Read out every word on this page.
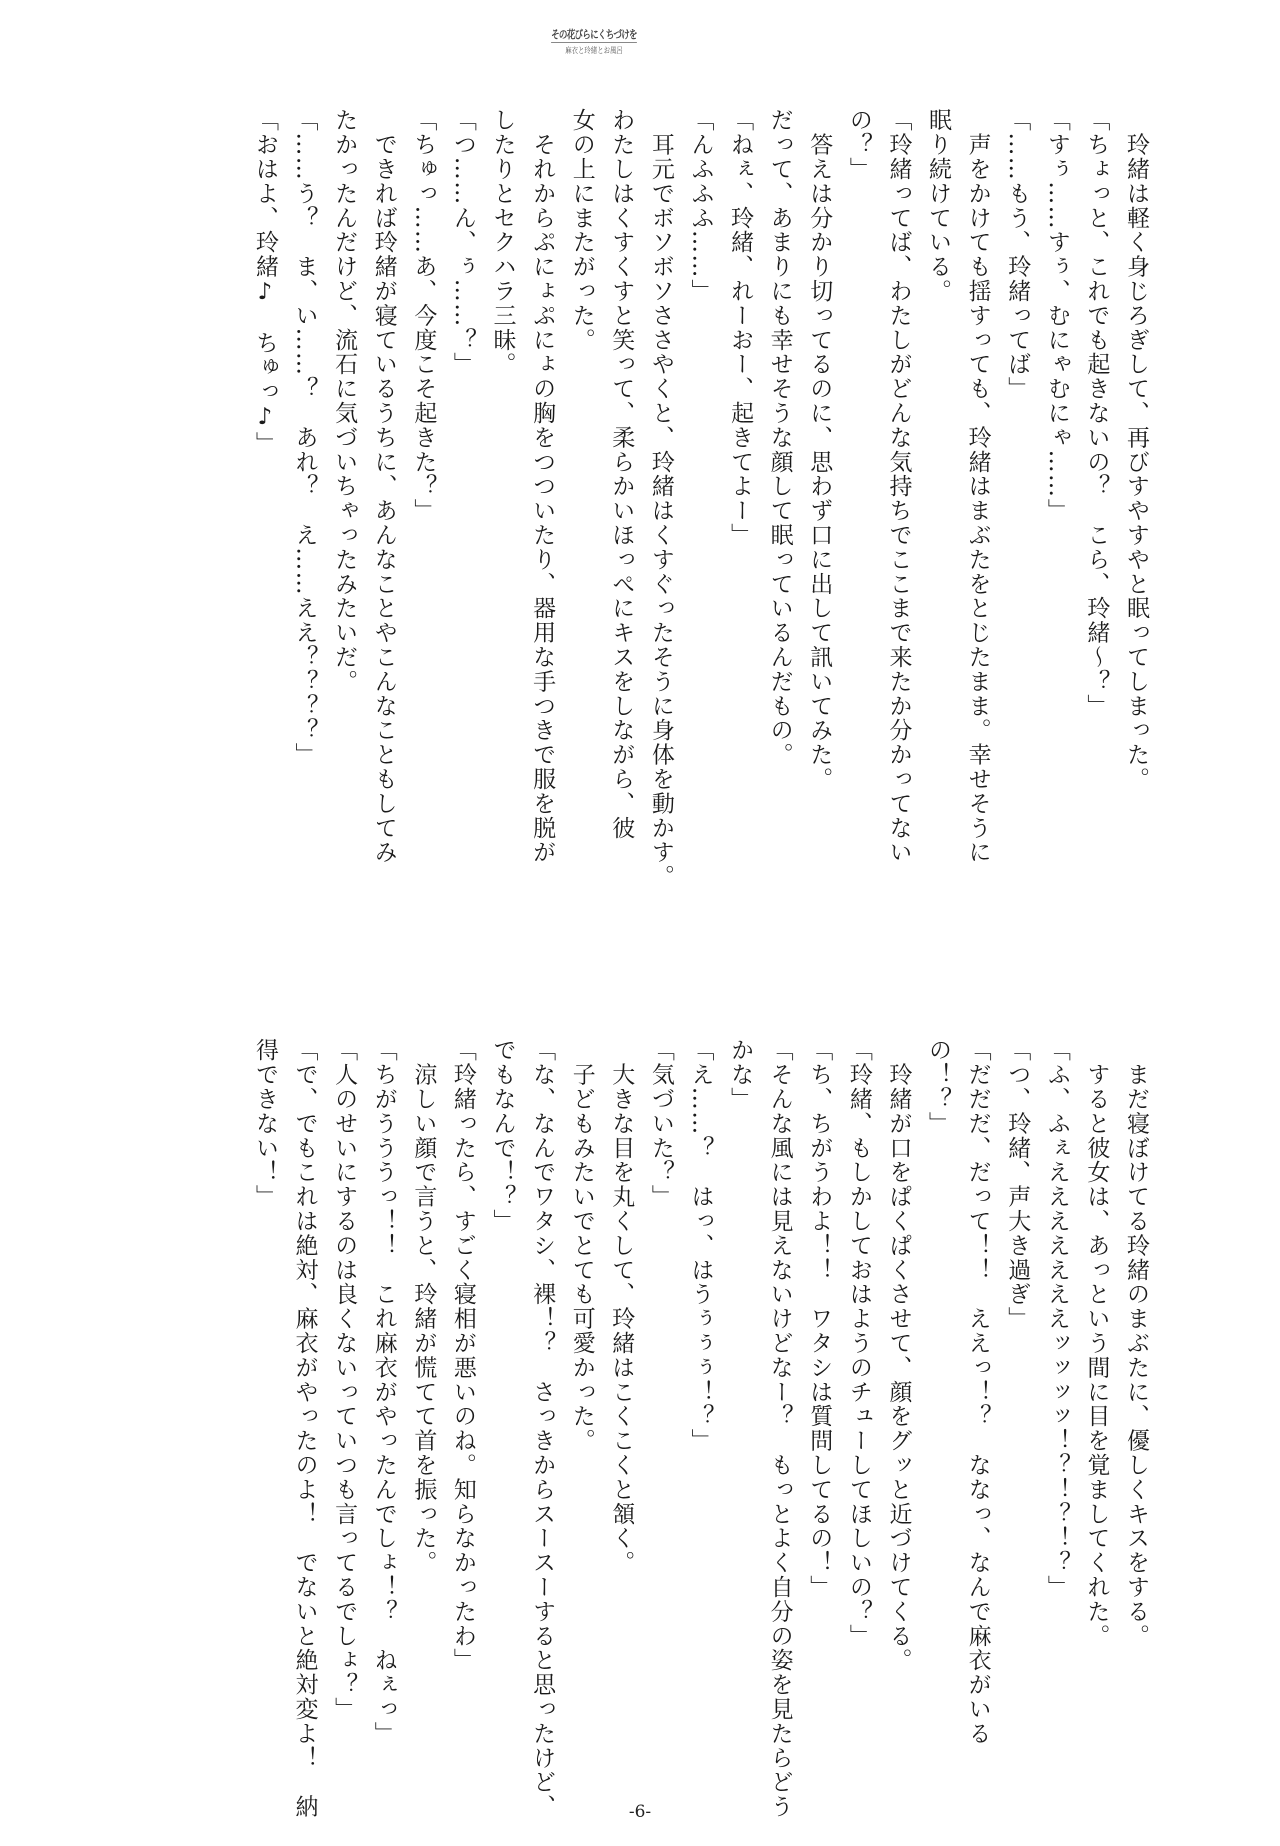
その花びらにくちづけを
麻衣と玲緒とお風呂
　玲緒は軽く身じろぎして、再びすやすやと眠ってしまった。
「ちょっと、これでも起きないの？　こら、玲緒～？」
「すぅ……すぅ、むにゃむにゃ……」
「……もう、玲緒ってば」
　声をかけても揺すっても、玲緒はまぶたをとじたまま。幸せそうに
眠り続けている。
「玲緒ってば、わたしがどんな気持ちでここまで来たか分かってない
の？」
　答えは分かり切ってるのに、思わず口に出して訊いてみた。
だって、あまりにも幸せそうな顔して眠っているんだもの。
「ねぇ、玲緒、れーおー、起きてよー」
「んふふふ……」
　耳元でボソボソささやくと、玲緒はくすぐったそうに身体を動かす。
わたしはくすくすと笑って、柔らかいほっぺにキスをしながら、彼
女の上にまたがった。
　それからぷにょぷにょの胸をつついたり、器用な手つきで服を脱が
したりとセクハラ三昧。
「つ……ん、ぅ……？」
「ちゅっ……あ、今度こそ起きた？」
　できれば玲緒が寝ているうちに、あんなことやこんなこともしてみ
たかったんだけど、流石に気づいちゃったみたいだ。
「……う？　ま、い……？　あれ？　え……ええ？？？？」
「おはよ、玲緒♪　ちゅっ♪」
　まだ寝ぼけてる玲緒のまぶたに、優しくキスをする。
　すると彼女は、あっという間に目を覚ましてくれた。
「ふ、ふぇえええええええッッッッ！？！？！？」
「つ、玲緒、声大き過ぎ」
「だだだ、だって！！　ええっ！？　ななっ、なんで麻衣がいる
の！？」
　玲緒が口をぱくぱくさせて、顔をグッと近づけてくる。
「玲緒、もしかしておはようのチューしてほしいの？」
「ち、ちがうわよ！！　ワタシは質問してるの！」
「そんな風には見えないけどなー？　もっとよく自分の姿を見たらどう
かな」
「え……？　はっ、はうぅぅぅ！？」
「気づいた？」
　大きな目を丸くして、玲緒はこくこくと頷く。
　子どもみたいでとても可愛かった。
「な、なんでワタシ、裸！？　さっきからスースーすると思ったけど、
でもなんで！？」
「玲緒ったら、すごく寝相が悪いのね。知らなかったわ」
　涼しい顔で言うと、玲緒が慌てて首を振った。
「ちがうううっ！！　これ麻衣がやったんでしょ！？　ねぇっ」
「人のせいにするのは良くないっていつも言ってるでしょ？」
「で、でもこれは絶対、麻衣がやったのよ！　でないと絶対変よ！　納
得できない！」
-6-
